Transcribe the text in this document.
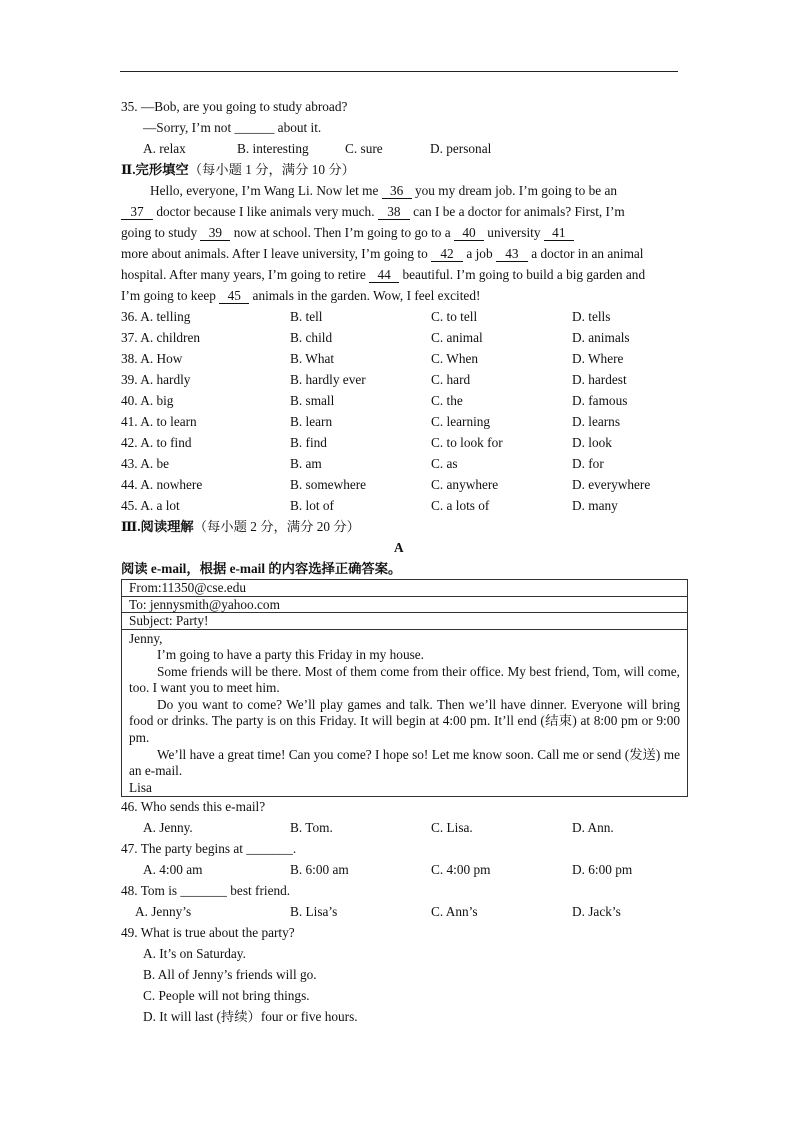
35. —Bob, are you going to study abroad?
—Sorry, I’m not ______ about it.
A. relax	B. interesting	C. sure	D. personal
Ⅱ.完形填空（每小题 1 分，满分 10 分）
Hello, everyone, I’m Wang Li. Now let me 36 you my dream job. I’m going to be an
37 doctor because I like animals very much. 38 can I be a doctor for animals? First, I’m
going to study 39 now at school. Then I’m going to go to a 40 university 41
more about animals. After I leave university, I’m going to 42 a job 43 a doctor in an animal
hospital. After many years, I’m going to retire 44 beautiful. I’m going to build a big garden and
I’m going to keep 45 animals in the garden. Wow, I feel excited!
36. A. telling	B. tell	C. to tell	D. tells
37. A. children	B. child	C. animal	D. animals
38. A. How	B. What	C. When	D. Where
39. A. hardly	B. hardly ever	C. hard	D. hardest
40. A. big	B. small	C. the	D. famous
41. A. to learn	B. learn	C. learning	D. learns
42. A. to find	B. find	C. to look for	D. look
43. A. be	B. am	C. as	D. for
44. A. nowhere	B. somewhere	C. anywhere	D. everywhere
45. A. a lot	B. lot of	C. a lots of	D. many
Ⅲ.阅读理解（每小题 2 分，满分 20 分）
A
阅读 e-mail，根据 e-mail 的内容选择正确答案。
From:11350@cse.edu
To: jennysmith@yahoo.com
Subject: Party!

Jenny,

I’m going to have a party this Friday in my house.

Some friends will be there. Most of them come from their office. My best friend, Tom, will come, too. I want you to meet him.

Do you want to come? We’ll play games and talk. Then we’ll have dinner. Everyone will bring food or drinks. The party is on this Friday. It will begin at 4:00 pm. It’ll end (结束) at 8:00 pm or 9:00 pm.

We’ll have a great time! Can you come? I hope so! Let me know soon. Call me or send (发送) me an e-mail.

Lisa

46. Who sends this e-mail?
A. Jenny.	B. Tom.	C. Lisa.	D. Ann.
47. The party begins at _______.
A. 4:00 am	B. 6:00 am	C. 4:00 pm	D. 6:00 pm
48. Tom is _______ best friend.
A. Jenny’s	B. Lisa’s	C. Ann’s	D. Jack’s
49. What is true about the party?
A. It’s on Saturday.
B. All of Jenny’s friends will go.
C. People will not bring things.
D. It will last (持续）four or five hours.
